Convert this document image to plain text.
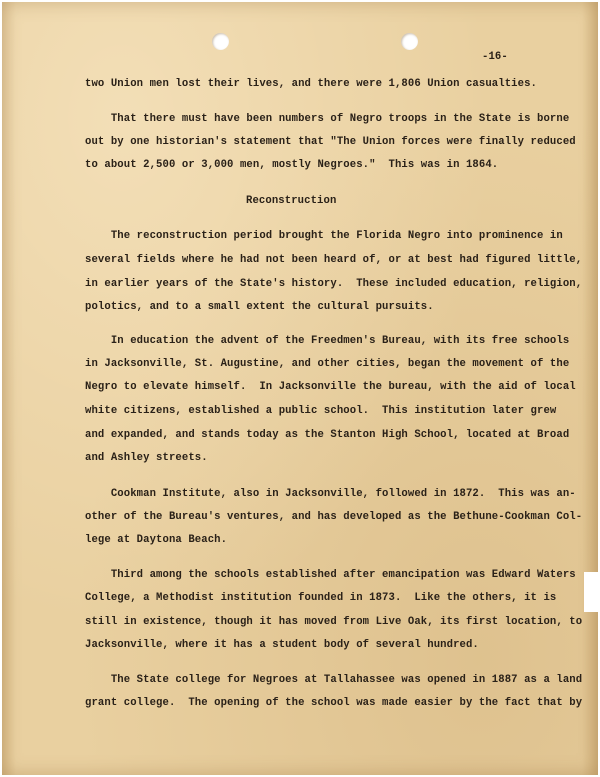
-16-

two Union men lost their lives, and there were 1,806 Union casualties.

That there must have been numbers of Negro troops in the State is borne

out by one historian's statement that "The Union forces were finally reduced

to about 2,500 or 3,000 men, mostly Negroes."  This was in 1864.

Reconstruction

The reconstruction period brought the Florida Negro into prominence in

several fields where he had not been heard of, or at best had figured little,

in earlier years of the State's history.  These included education, religion,

polotics, and to a small extent the cultural pursuits.

In education the advent of the Freedmen's Bureau, with its free schools

in Jacksonville, St. Augustine, and other cities, began the movement of the

Negro to elevate himself.  In Jacksonville the bureau, with the aid of local

white citizens, established a public school.  This institution later grew

and expanded, and stands today as the Stanton High School, located at Broad

and Ashley streets.

Cookman Institute, also in Jacksonville, followed in 1872.  This was an-

other of the Bureau's ventures, and has developed as the Bethune-Cookman Col-

lege at Daytona Beach.

Third among the schools established after emancipation was Edward Waters

College, a Methodist institution founded in 1873.  Like the others, it is

still in existence, though it has moved from Live Oak, its first location, to

Jacksonville, where it has a student body of several hundred.

The State college for Negroes at Tallahassee was opened in 1887 as a land

grant college.  The opening of the school was made easier by the fact that by
